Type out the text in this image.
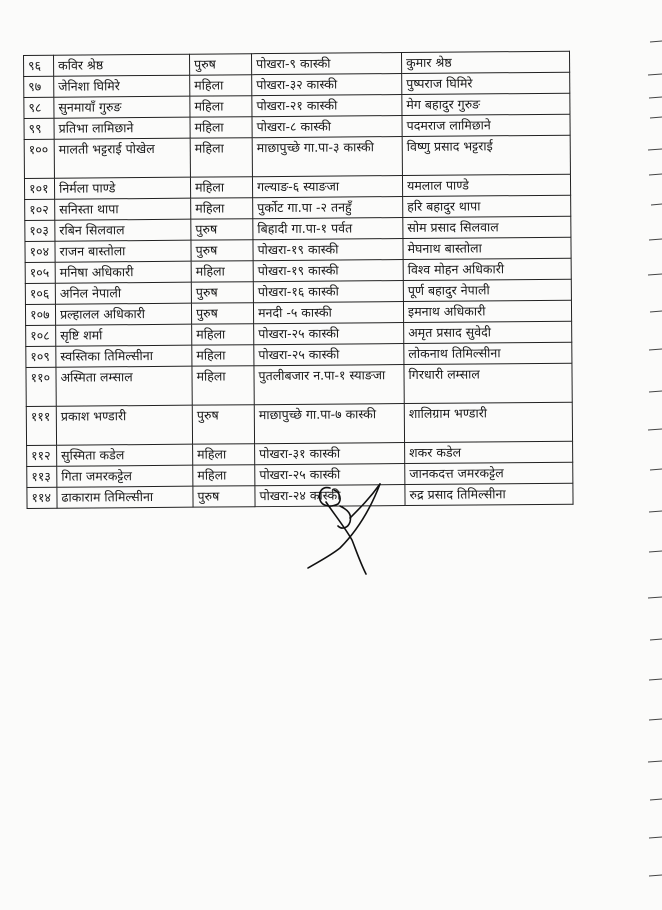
९६	कविर श्रेष्ठ	पुरुष	पोखरा-९ कास्की	कुमार श्रेष्ठ
९७	जेनिशा घिमिरे	महिला	पोखरा-३२ कास्की	पुष्पराज घिमिरे
९८	सुनमायाँ गुरुङ	महिला	पोखरा-२१ कास्की	मेग बहादुर गुरुङ
९९	प्रतिभा लामिछाने	महिला	पोखरा-८ कास्की	पदमराज लामिछाने
१००	मालती भट्टराई पोखेल	महिला	माछापुच्छे गा.पा-३ कास्की	विष्णु प्रसाद भट्टराई
१०१	निर्मला पाण्डे	महिला	गल्याङ-६ स्याङजा	यमलाल पाण्डे
१०२	सनिस्ता थापा	महिला	पुर्कोट गा.पा -२ तनहुँ	हरि बहादुर थापा
१०३	रबिन सिलवाल	पुरुष	बिहादी गा.पा-१ पर्वत	सोम प्रसाद सिलवाल
१०४	राजन बास्तोला	पुरुष	पोखरा-१९ कास्की	मेघनाथ बास्तोला
१०५	मनिषा अधिकारी	महिला	पोखरा-१९ कास्की	विश्व मोहन अधिकारी
१०६	अनिल नेपाली	पुरुष	पोखरा-१६ कास्की	पूर्ण बहादुर नेपाली
१०७	प्रल्हालल अधिकारी	पुरुष	मनदी -५ कास्की	इमनाथ अधिकारी
१०८	सृष्टि शर्मा	महिला	पोखरा-२५ कास्की	अमृत प्रसाद सुवेदी
१०९	स्वस्तिका तिमिल्सीना	महिला	पोखरा-२५ कास्की	लोकनाथ तिमिल्सीना
११०	अस्मिता लम्साल	महिला	पुतलीबजार न.पा-१ स्याङजा	गिरधारी लम्साल
१११	प्रकाश भण्डारी	पुरुष	माछापुच्छे गा.पा-७ कास्की	शालिग्राम भण्डारी
११२	सुस्मिता कडेल	महिला	पोखरा-३१ कास्की	शकर कडेल
११३	गिता जमरकट्टेल	महिला	पोखरा-२५ कास्की	जानकदत्त जमरकट्टेल
११४	ढाकाराम तिमिल्सीना	पुरुष	पोखरा-२४ कास्की	रुद्र प्रसाद तिमिल्सीना
